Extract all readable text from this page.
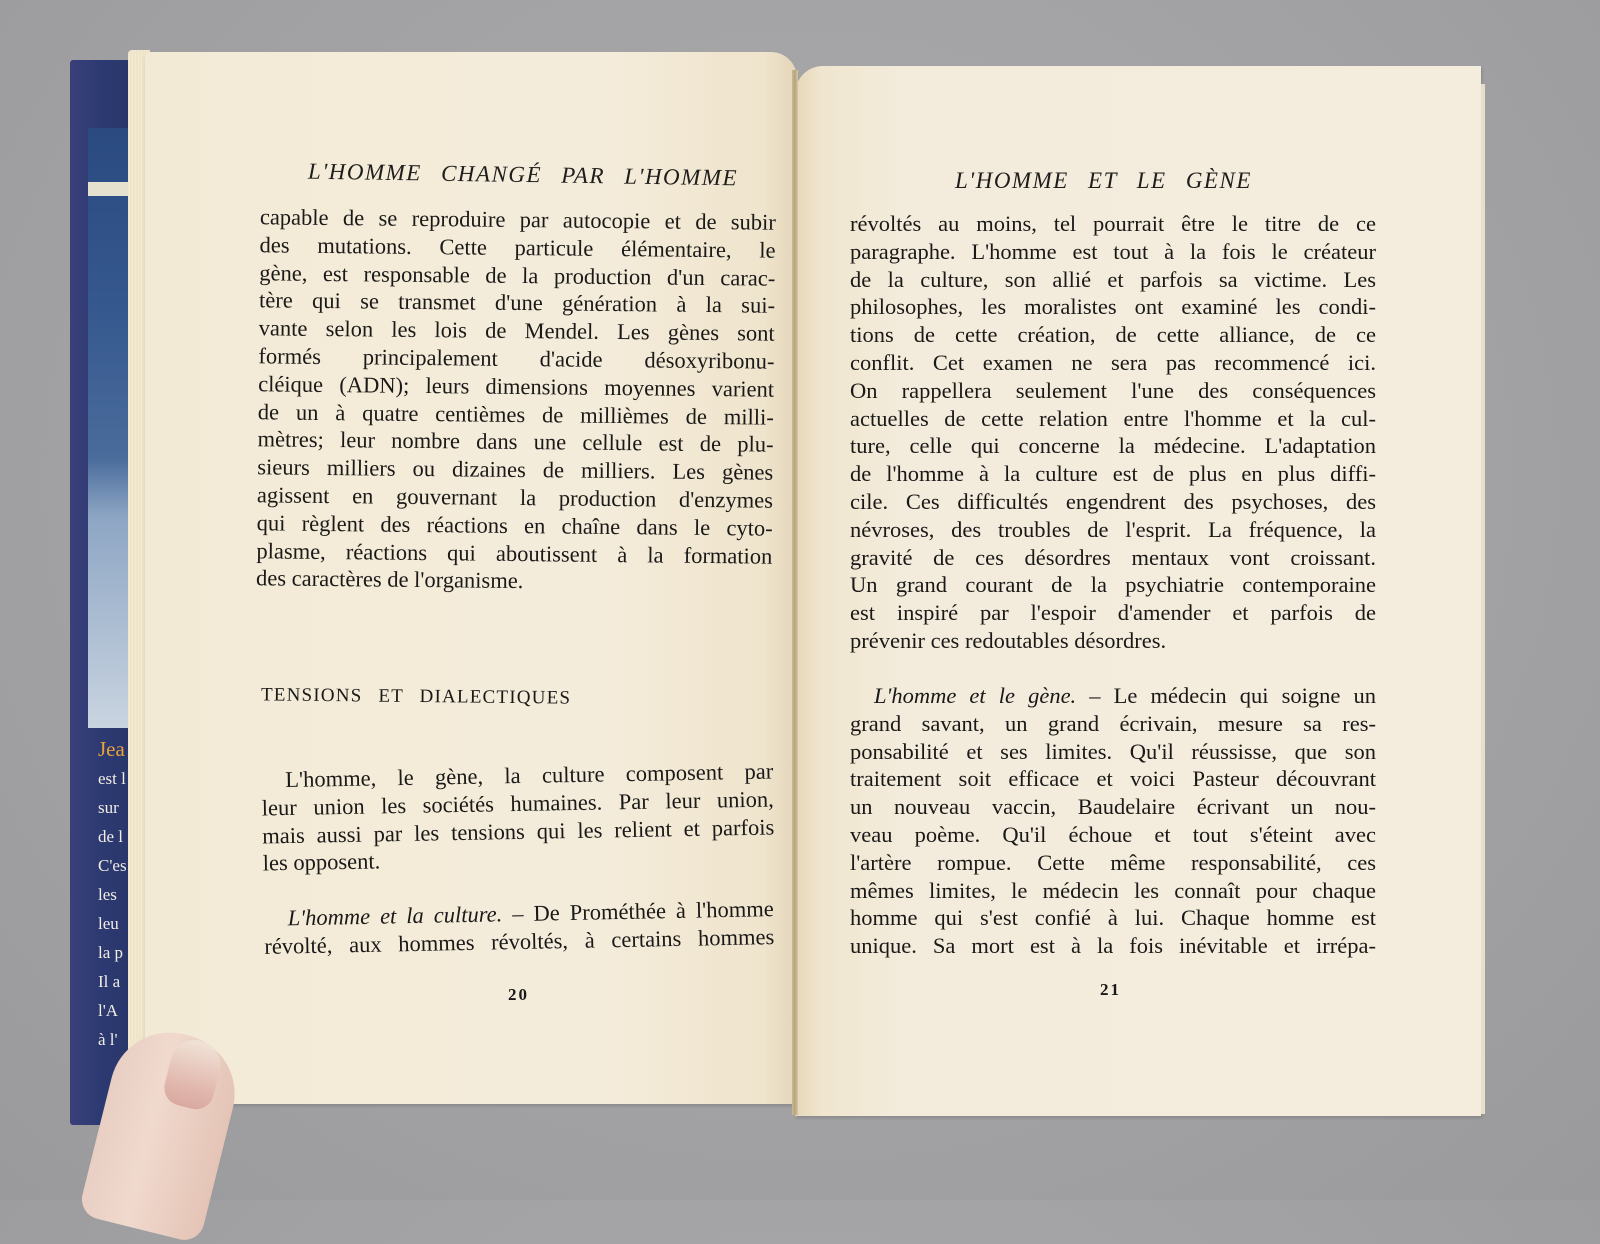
Jea
est l
sur
de l
C'es
les
leu
la p
Il a
l'A
à l'
L'HOMME CHANGÉ PAR L'HOMME
capable de se reproduire par autocopie et de subir
des mutations. Cette particule élémentaire, le
gène, est responsable de la production d'un carac-
tère qui se transmet d'une génération à la sui-
vante selon les lois de Mendel. Les gènes sont
formés principalement d'acide désoxyribonu-
cléique (ADN); leurs dimensions moyennes varient
de un à quatre centièmes de millièmes de milli-
mètres; leur nombre dans une cellule est de plu-
sieurs milliers ou dizaines de milliers. Les gènes
agissent en gouvernant la production d'enzymes
qui règlent des réactions en chaîne dans le cyto-
plasme, réactions qui aboutissent à la formation
des caractères de l'organisme.
TENSIONS ET DIALECTIQUES
L'homme, le gène, la culture composent par
leur union les sociétés humaines. Par leur union,
mais aussi par les tensions qui les relient et parfois
les opposent.
L'homme et la culture. – De Prométhée à l'homme
révolté, aux hommes révoltés, à certains hommes
20
L'HOMME ET LE GÈNE
révoltés au moins, tel pourrait être le titre de ce
paragraphe. L'homme est tout à la fois le créateur
de la culture, son allié et parfois sa victime. Les
philosophes, les moralistes ont examiné les condi-
tions de cette création, de cette alliance, de ce
conflit. Cet examen ne sera pas recommencé ici.
On rappellera seulement l'une des conséquences
actuelles de cette relation entre l'homme et la cul-
ture, celle qui concerne la médecine. L'adaptation
de l'homme à la culture est de plus en plus diffi-
cile. Ces difficultés engendrent des psychoses, des
névroses, des troubles de l'esprit. La fréquence, la
gravité de ces désordres mentaux vont croissant.
Un grand courant de la psychiatrie contemporaine
est inspiré par l'espoir d'amender et parfois de
prévenir ces redoutables désordres.
L'homme et le gène. – Le médecin qui soigne un
grand savant, un grand écrivain, mesure sa res-
ponsabilité et ses limites. Qu'il réussisse, que son
traitement soit efficace et voici Pasteur découvrant
un nouveau vaccin, Baudelaire écrivant un nou-
veau poème. Qu'il échoue et tout s'éteint avec
l'artère rompue. Cette même responsabilité, ces
mêmes limites, le médecin les connaît pour chaque
homme qui s'est confié à lui. Chaque homme est
unique. Sa mort est à la fois inévitable et irrépa-
21
